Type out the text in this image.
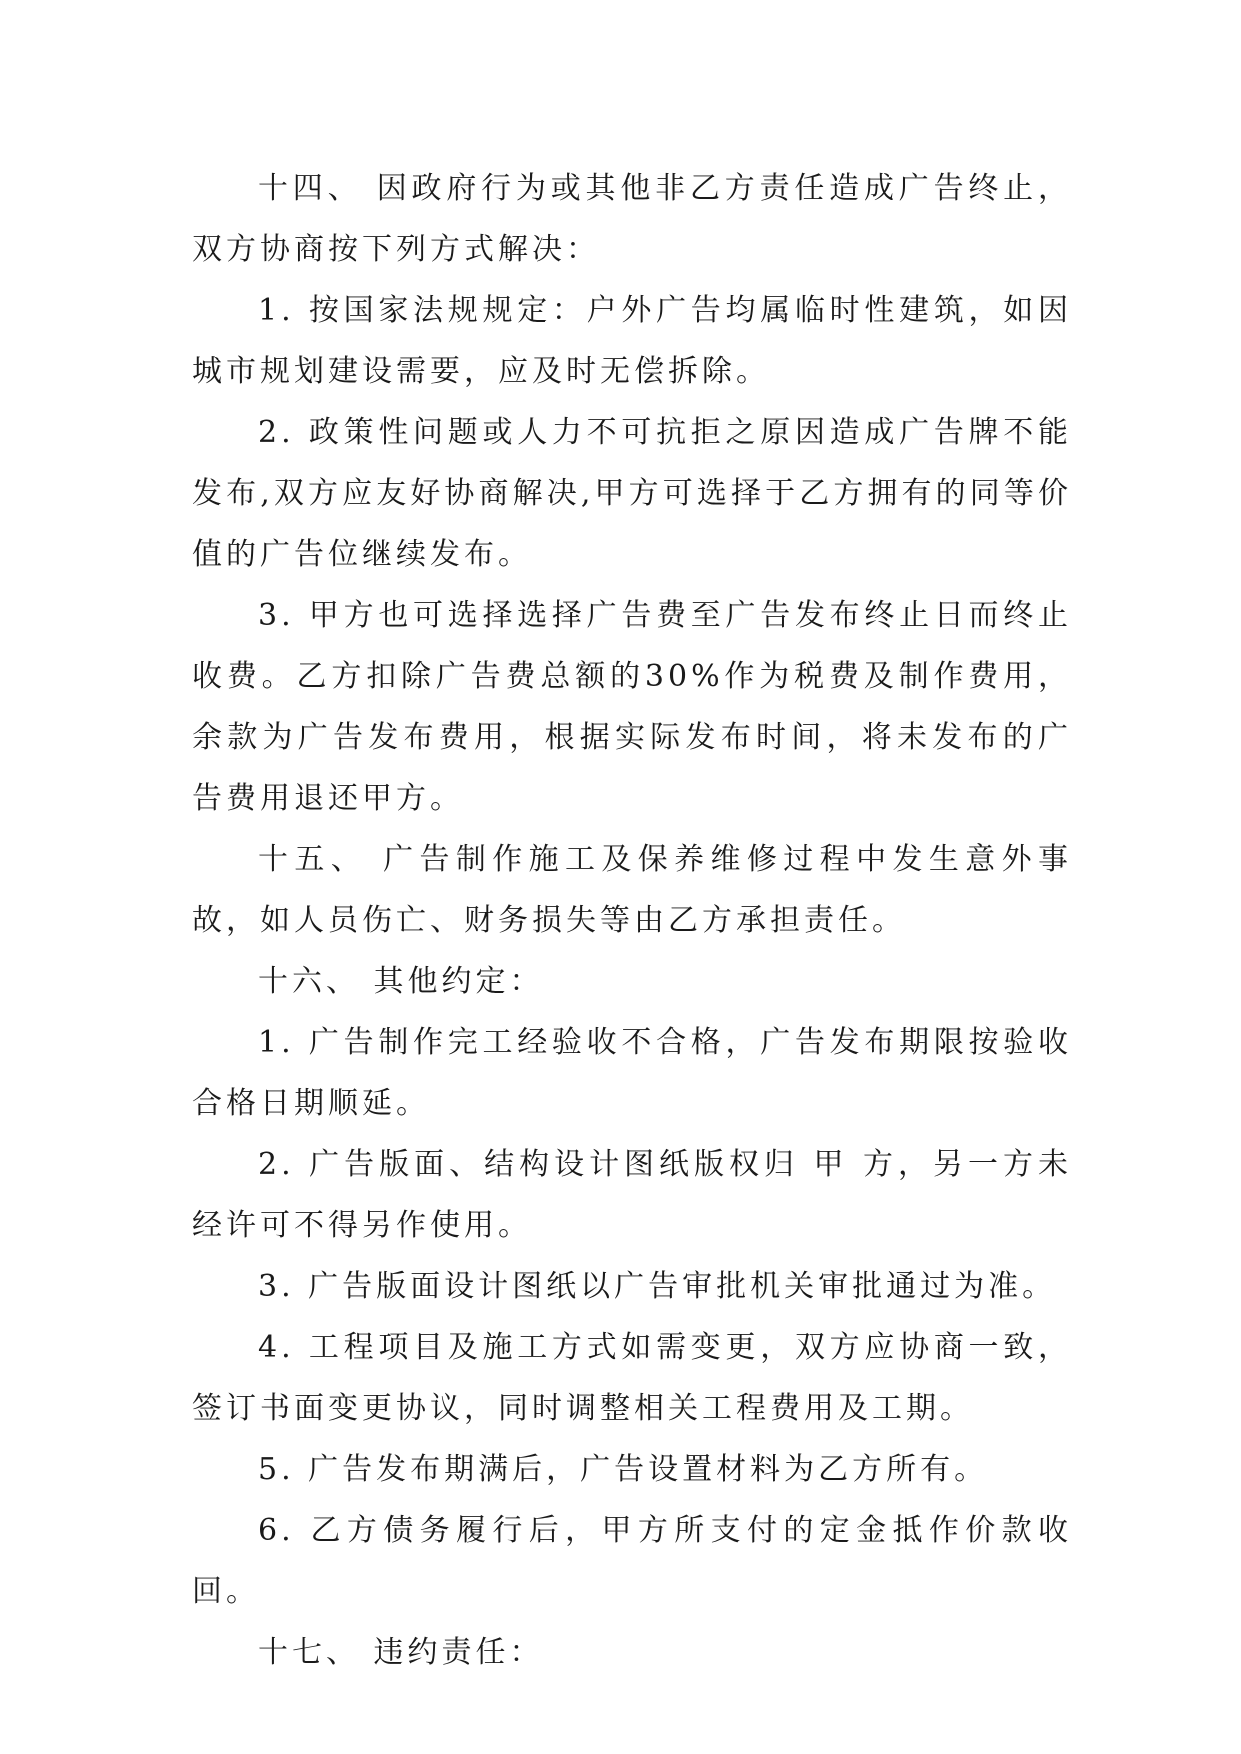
十四、 因政府行为或其他非乙方责任造成广告终止，双方协商按下列方式解决：

1. 按国家法规规定：户外广告均属临时性建筑，如因城市规划建设需要，应及时无偿拆除。

2. 政策性问题或人力不可抗拒之原因造成广告牌不能发布,双方应友好协商解决,甲方可选择于乙方拥有的同等价值的广告位继续发布。

3. 甲方也可选择选择广告费至广告发布终止日而终止收费。乙方扣除广告费总额的30%作为税费及制作费用，余款为广告发布费用，根据实际发布时间，将未发布的广告费用退还甲方。

十五、 广告制作施工及保养维修过程中发生意外事故，如人员伤亡、财务损失等由乙方承担责任。

十六、 其他约定：

1. 广告制作完工经验收不合格，广告发布期限按验收合格日期顺延。

2. 广告版面、结构设计图纸版权归 甲 方，另一方未经许可不得另作使用。

3. 广告版面设计图纸以广告审批机关审批通过为准。

4. 工程项目及施工方式如需变更，双方应协商一致，签订书面变更协议，同时调整相关工程费用及工期。

5. 广告发布期满后，广告设置材料为乙方所有。

6. 乙方债务履行后，甲方所支付的定金抵作价款收回。

十七、 违约责任：
